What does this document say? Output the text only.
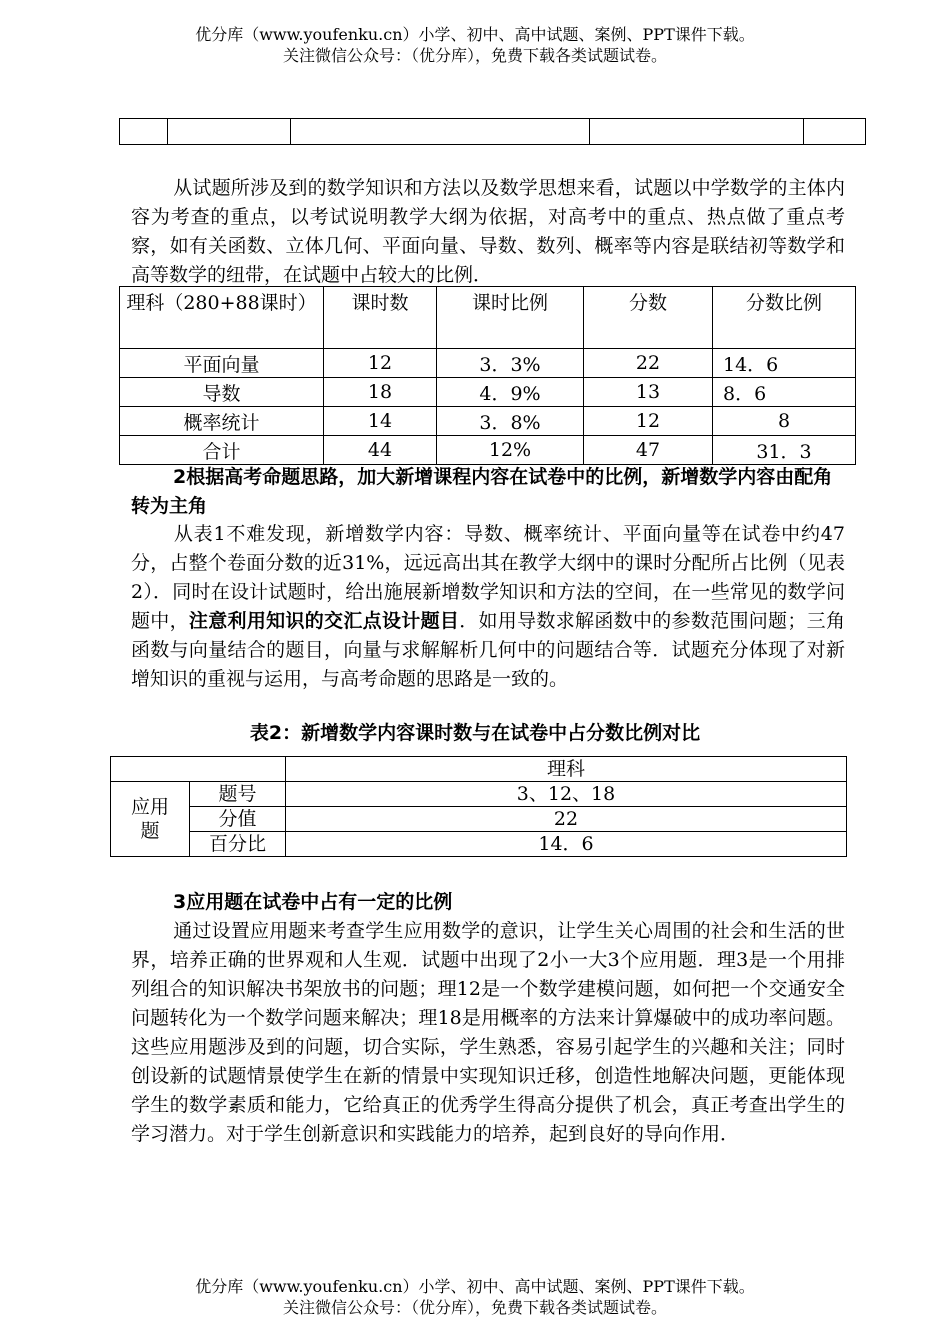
优分库（www.youfenku.cn）小学、初中、高中试题、案例、PPT课件下载。
关注微信公众号：（优分库），免费下载各类试题试卷。

从试题所涉及到的数学知识和方法以及数学思想来看，试题以中学数学的主体内容为考查的重点，以考试说明教学大纲为依据，对高考中的重点、热点做了重点考察，如有关函数、立体几何、平面向量、导数、数列、概率等内容是联结初等数学和高等数学的纽带，在试题中占较大的比例．

理科（280+88课时）	课时数	课时比例	分数	分数比例
平面向量	12	3．3%	22	14．6
导数	18	4．9%	13	8．6
概率统计	14	3．8%	12	8
合计	44	12%	47	31．3

2根据高考命题思路，加大新增课程内容在试卷中的比例，新增数学内容由配角转为主角

从表1不难发现，新增数学内容：导数、概率统计、平面向量等在试卷中约47分，占整个卷面分数的近31%，远远高出其在教学大纲中的课时分配所占比例（见表2）．同时在设计试题时，给出施展新增数学知识和方法的空间，在一些常见的数学问题中，注意利用知识的交汇点设计题目．如用导数求解函数中的参数范围问题；三角函数与向量结合的题目，向量与求解解析几何中的问题结合等．试题充分体现了对新增知识的重视与运用，与高考命题的思路是一致的。

表2：新增数学内容课时数与在试卷中占分数比例对比

		理科

应用题	题号	3、12、18
	分值	22
	百分比	14．6

3应用题在试卷中占有一定的比例

通过设置应用题来考查学生应用数学的意识，让学生关心周围的社会和生活的世界，培养正确的世界观和人生观．试题中出现了2小一大3个应用题．理3是一个用排列组合的知识解决书架放书的问题；理12是一个数学建模问题，如何把一个交通安全问题转化为一个数学问题来解决；理18是用概率的方法来计算爆破中的成功率问题。这些应用题涉及到的问题，切合实际，学生熟悉，容易引起学生的兴趣和关注；同时创设新的试题情景使学生在新的情景中实现知识迁移，创造性地解决问题，更能体现学生的数学素质和能力，它给真正的优秀学生得高分提供了机会，真正考查出学生的学习潜力。对于学生创新意识和实践能力的培养，起到良好的导向作用．

优分库（www.youfenku.cn）小学、初中、高中试题、案例、PPT课件下载。
关注微信公众号：（优分库），免费下载各类试题试卷。
